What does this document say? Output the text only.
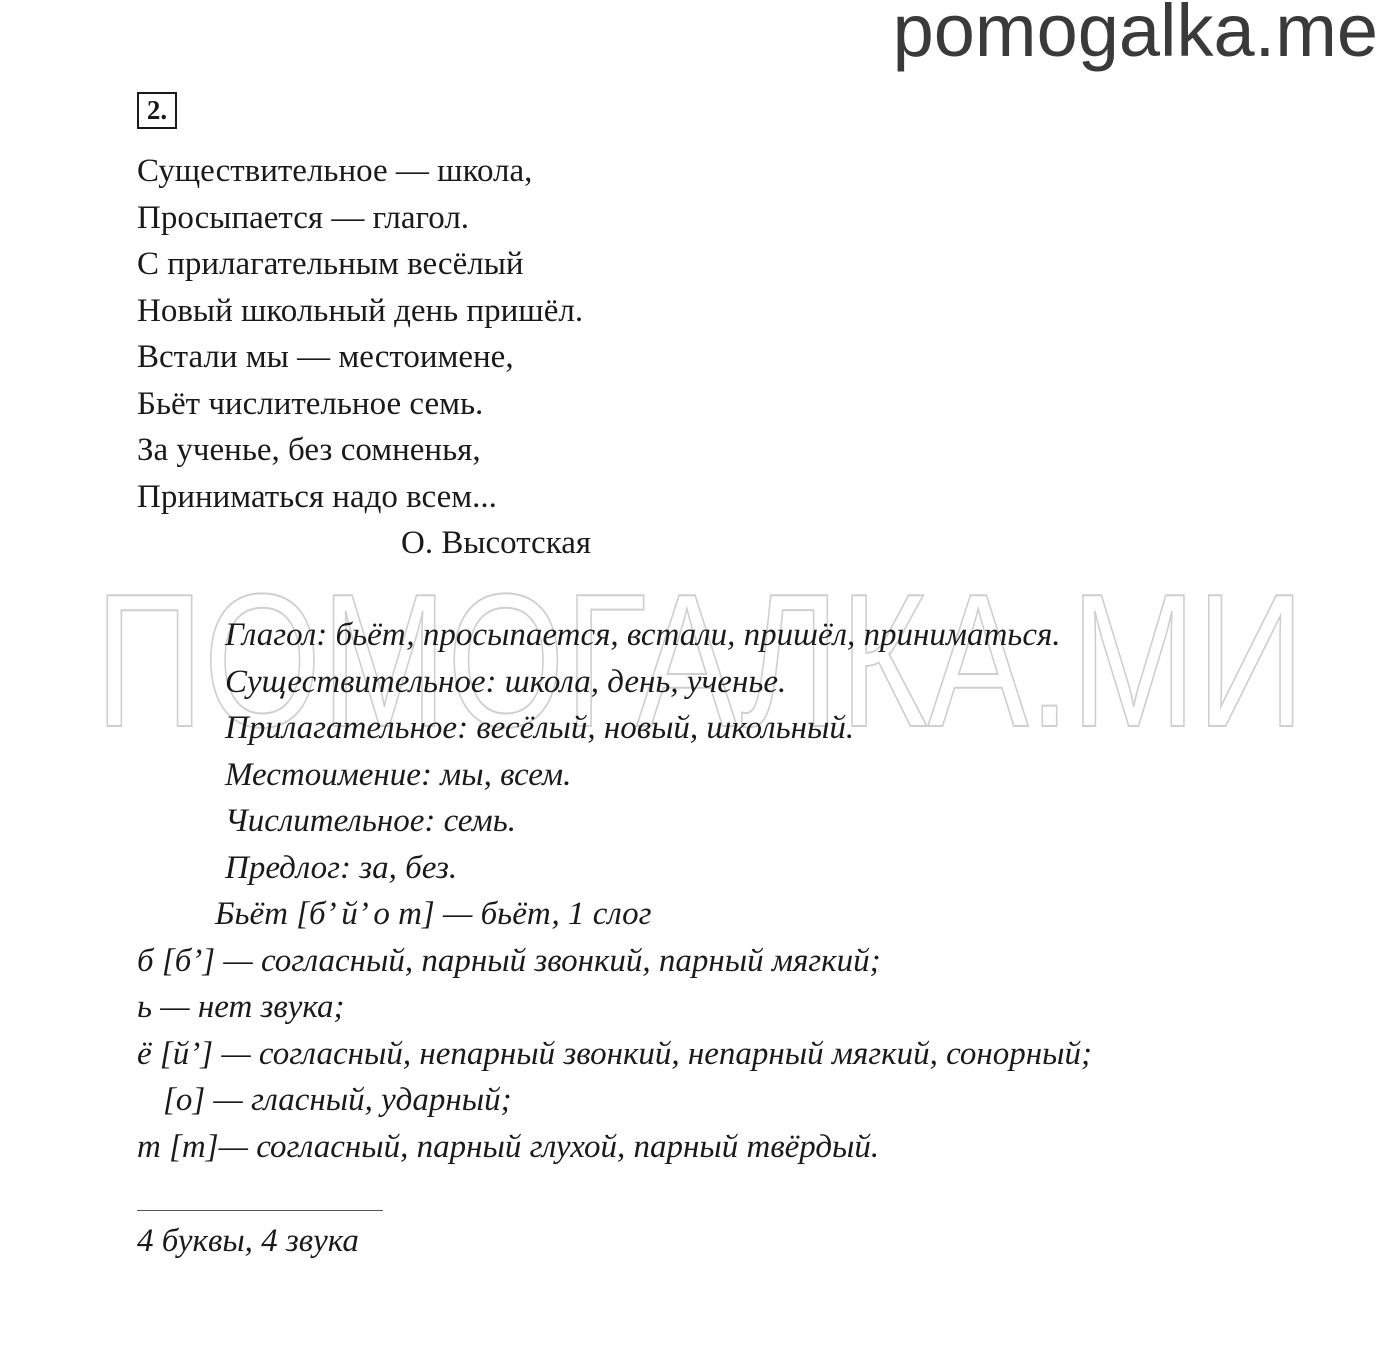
pomogalka.me
ПОМОГАЛКА.МИ
2.
Существительное — школа,
Просыпается — глагол.
С прилагательным весёлый
Новый школьный день пришёл.
Встали мы — местоимене,
Бьёт числительное семь.
За ученье, без сомненья,
Приниматься надо всем...
О. Высотская
Глагол: бьёт, просыпается, встали, пришёл, приниматься.
Существительное: школа, день, ученье.
Прилагательное: весёлый, новый, школьный.
Местоимение: мы, всем.
Числительное: семь.
Предлог: за, без.
Бьёт [б’ й’ о т] — бьёт, 1 слог
б [б’] — согласный, парный звонкий, парный мягкий;
ь — нет звука;
ё [й’] — согласный, непарный звонкий, непарный мягкий, сонорный;
[о] — гласный, ударный;
т [т]— согласный, парный глухой, парный твёрдый.
4 буквы, 4 звука
